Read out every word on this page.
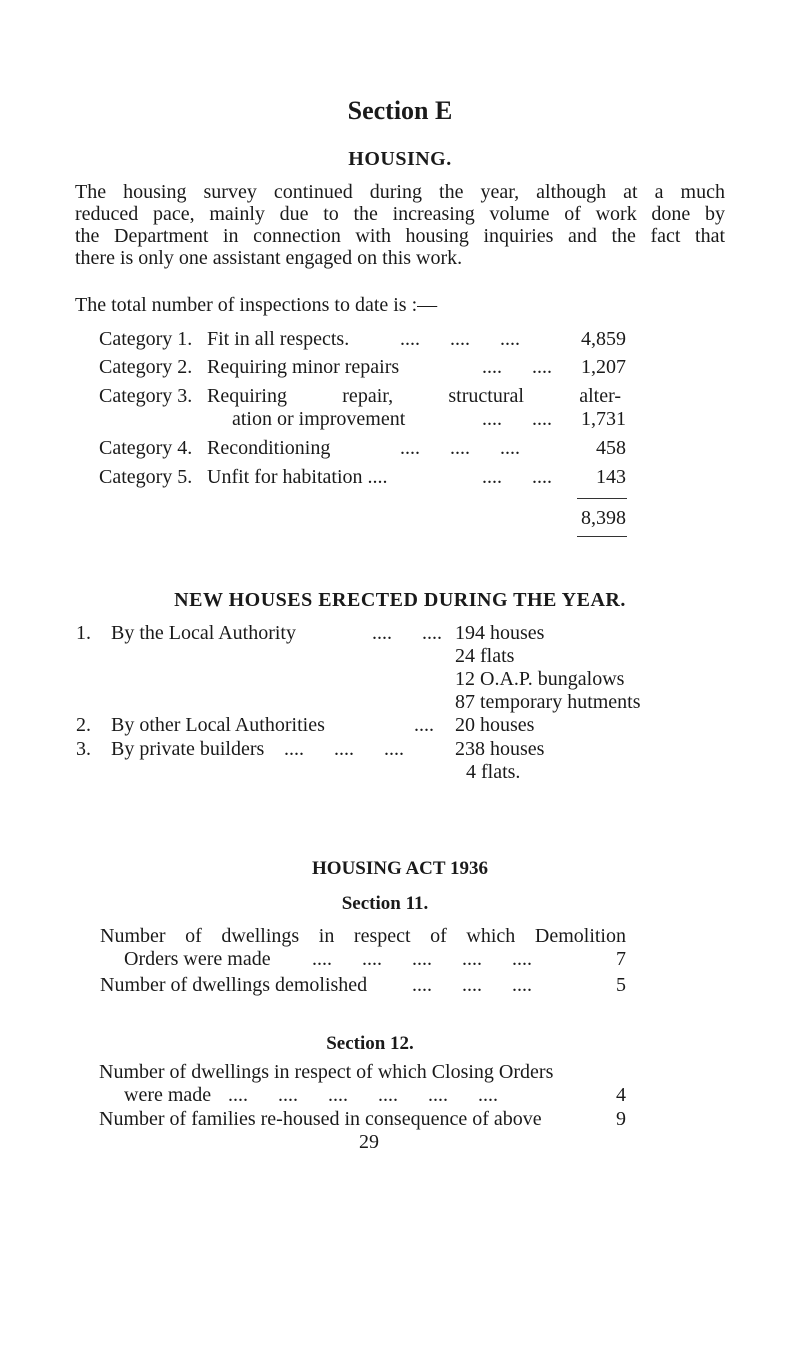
Section E
HOUSING.
The housing survey continued during the year, although at a much
reduced pace, mainly due to the increasing volume of work done by
the Department in connection with housing inquiries and the fact that
there is only one assistant engaged on this work.
The total number of inspections to date is :—
Category 1. Fit in all respects.	....      ....      ....	4,859
Category 2. Requiring minor repairs	....      ....	1,207
Category 3. Requiring repair, structural alter-
ation or improvement	....      ....	1,731
Category 4. Reconditioning	....      ....      ....	458
Category 5. Unfit for habitation ....	....      ....	143
8,398
NEW HOUSES ERECTED DURING THE YEAR.
1. By the Local Authority	....      .... 194 houses
24 flats
12 O.A.P. bungalows
87 temporary hutments
2. By other Local Authorities	.... 20 houses
3. By private builders ....      ....      ....	238 houses
4 flats.
HOUSING ACT 1936
Section 11.
Number of dwellings in respect of which Demolition
Orders were made ....      ....      ....      ....      ....	7
Number of dwellings demolished ....      ....      ....	5
Section 12.
Number of dwellings in respect of which Closing Orders
were made ....      ....      ....      ....      ....      ....	4
Number of families re-housed in consequence of above	9
29
